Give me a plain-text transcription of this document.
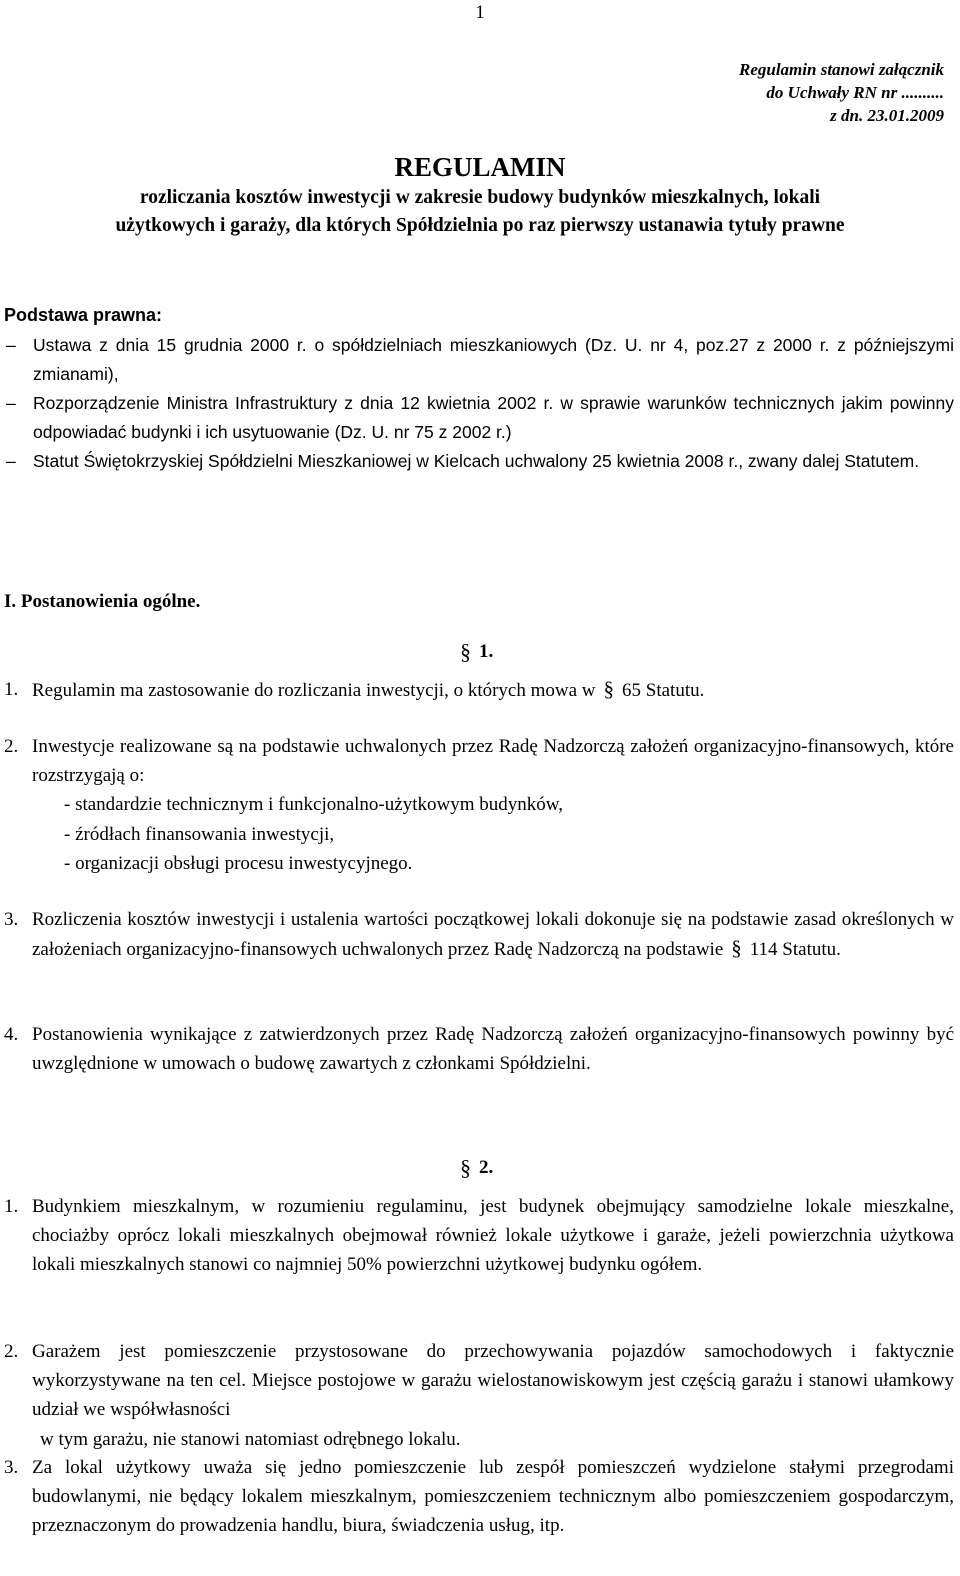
1
Regulamin stanowi załącznik
do Uchwały RN nr ..........
z dn. 23.01.2009
REGULAMIN
rozliczania kosztów inwestycji w zakresie budowy budynków mieszkalnych, lokali
użytkowych i garaży, dla których Spółdzielnia po raz pierwszy ustanawia tytuły prawne
Podstawa prawna:
– Ustawa z dnia 15 grudnia 2000 r. o spółdzielniach mieszkaniowych (Dz. U. nr 4, poz.27 z 2000 r. z późniejszymi zmianami),
– Rozporządzenie Ministra Infrastruktury z dnia 12 kwietnia 2002 r. w sprawie warunków technicznych jakim powinny odpowiadać budynki i ich usytuowanie (Dz. U. nr 75 z 2002 r.)
– Statut Świętokrzyskiej Spółdzielni Mieszkaniowej w Kielcach uchwalony 25 kwietnia 2008 r., zwany dalej Statutem.
I. Postanowienia ogólne.
§ 1.
1. Regulamin ma zastosowanie do rozliczania inwestycji, o których mowa w § 65 Statutu.
2. Inwestycje realizowane są na podstawie uchwalonych przez Radę Nadzorczą założeń organizacyjno-finansowych, które rozstrzygają o:
- standardzie technicznym i funkcjonalno-użytkowym budynków,
- źródłach finansowania inwestycji,
- organizacji obsługi procesu inwestycyjnego.
3. Rozliczenia kosztów inwestycji i ustalenia wartości początkowej lokali dokonuje się na podstawie zasad określonych w założeniach organizacyjno-finansowych uchwalonych przez Radę Nadzorczą na podstawie § 114 Statutu.
4. Postanowienia wynikające z zatwierdzonych przez Radę Nadzorczą założeń organizacyjno-finansowych powinny być uwzględnione w umowach o budowę zawartych z członkami Spółdzielni.
§ 2.
1. Budynkiem mieszkalnym, w rozumieniu regulaminu, jest budynek obejmujący samodzielne lokale mieszkalne, chociażby oprócz lokali mieszkalnych obejmował również lokale użytkowe i garaże, jeżeli powierzchnia użytkowa lokali mieszkalnych stanowi co najmniej 50% powierzchni użytkowej budynku ogółem.
2. Garażem jest pomieszczenie przystosowane do przechowywania pojazdów samochodowych i faktycznie wykorzystywane na ten cel. Miejsce postojowe w garażu wielostanowiskowym jest częścią garażu i stanowi ułamkowy udział we współwłasności
w tym garażu, nie stanowi natomiast odrębnego lokalu.
3. Za lokal użytkowy uważa się jedno pomieszczenie lub zespół pomieszczeń wydzielone stałymi przegrodami budowlanymi, nie będący lokalem mieszkalnym, pomieszczeniem technicznym albo pomieszczeniem gospodarczym, przeznaczonym do prowadzenia handlu, biura, świadczenia usług, itp.
